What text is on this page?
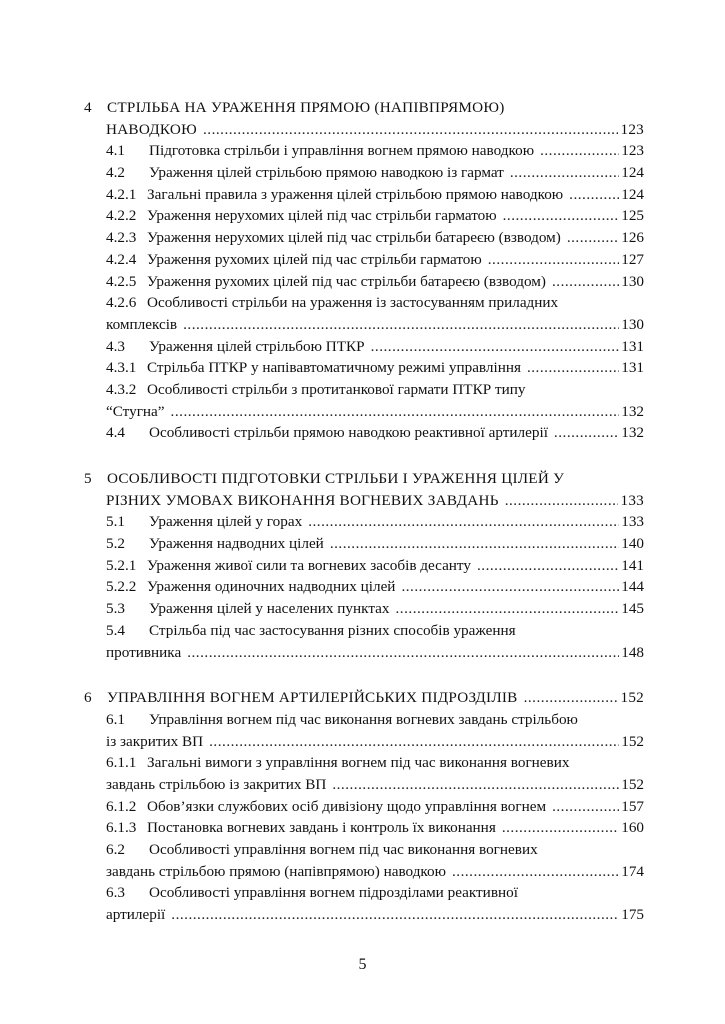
4 СТРІЛЬБА НА УРАЖЕННЯ ПРЯМОЮ (НАПІВПРЯМОЮ)
НАВОДКОЮ .....	123
4.1 Підготовка стрільби і управління вогнем прямою наводкою .....	123
4.2 Ураження цілей стрільбою прямою наводкою із гармат .....	124
4.2.1 Загальні правила з ураження цілей стрільбою прямою наводкою .....	124
4.2.2 Ураження нерухомих цілей під час стрільби гарматою .....	125
4.2.3 Ураження нерухомих цілей під час стрільби батареєю (взводом) .....	126
4.2.4 Ураження рухомих цілей під час стрільби гарматою .....	127
4.2.5 Ураження рухомих цілей під час стрільби батареєю (взводом) .....	130
4.2.6 Особливості стрільби на ураження із застосуванням приладних
комплексів .....	130
4.3 Ураження цілей стрільбою ПТКР .....	131
4.3.1 Стрільба ПТКР у напівавтоматичному режимі управління .....	131
4.3.2 Особливості стрільби з протитанкової гармати ПТКР типу
“Стугна” .....	132
4.4 Особливості стрільби прямою наводкою реактивної артилерії .....	132
5 ОСОБЛИВОСТІ ПІДГОТОВКИ СТРІЛЬБИ І УРАЖЕННЯ ЦІЛЕЙ У
РІЗНИХ УМОВАХ ВИКОНАННЯ ВОГНЕВИХ ЗАВДАНЬ .....	133
5.1 Ураження цілей у горах .....	133
5.2 Ураження надводних цілей .....	140
5.2.1 Ураження живої сили та вогневих засобів десанту .....	141
5.2.2 Ураження одиночних надводних цілей .....	144
5.3 Ураження цілей у населених пунктах .....	145
5.4 Стрільба під час застосування різних способів ураження
противника .....	148
6 УПРАВЛІННЯ ВОГНЕМ АРТИЛЕРІЙСЬКИХ ПІДРОЗДІЛІВ .....	152
6.1 Управління вогнем під час виконання вогневих завдань стрільбою
із закритих ВП .....	152
6.1.1 Загальні вимоги з управління вогнем під час виконання вогневих
завдань стрільбою із закритих ВП .....	152
6.1.2 Обов’язки службових осіб дивізіону щодо управління вогнем .....	157
6.1.3 Постановка вогневих завдань і контроль їх виконання .....	160
6.2 Особливості управління вогнем під час виконання вогневих
завдань стрільбою прямою (напівпрямою) наводкою .....	174
6.3 Особливості управління вогнем підрозділами реактивної
артилерії .....	175
5
